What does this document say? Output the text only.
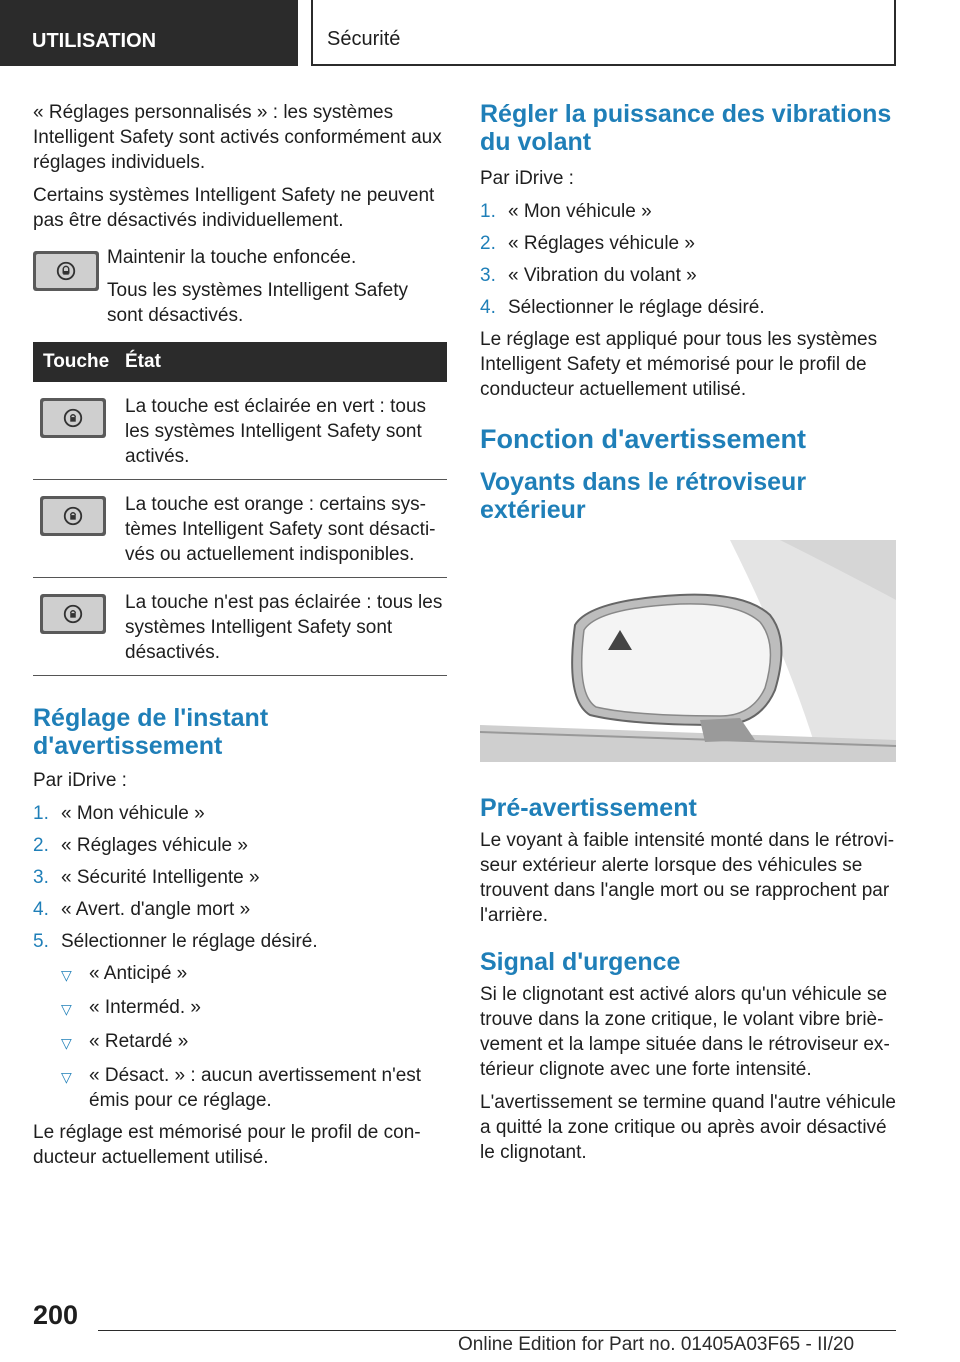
UTILISATION	Sécurité

« Réglages personnalisés » : les systèmes Intelligent Safety sont activés conformément aux réglages individuels.

Certains systèmes Intelligent Safety ne peuvent pas être désactivés individuellement.

Maintenir la touche enfoncée.

Tous les systèmes Intelligent Safety sont désactivés.

Touche	État

	La touche est éclairée en vert : tous les systèmes Intelligent Safety sont activés.

	La touche est orange : certains systèmes Intelligent Safety sont désactivés ou actuellement indisponibles.

	La touche n'est pas éclairée : tous les systèmes Intelligent Safety sont désactivés.
Réglage de l'instant d'avertissement

Par iDrive :

1. « Mon véhicule »
2. « Réglages véhicule »
3. « Sécurité Intelligente »
4. « Avert. d'angle mort »
5. Sélectionner le réglage désiré.
▽ « Anticipé »
▽ « Interméd. »
▽ « Retardé »
▽ « Désact. » : aucun avertissement n'est émis pour ce réglage.

Le réglage est mémorisé pour le profil de conducteur actuellement utilisé.

Régler la puissance des vibrations du volant

Par iDrive :

1. « Mon véhicule »
2. « Réglages véhicule »
3. « Vibration du volant »
4. Sélectionner le réglage désiré.

Le réglage est appliqué pour tous les systèmes Intelligent Safety et mémorisé pour le profil de conducteur actuellement utilisé.

Fonction d'avertissement
Voyants dans le rétroviseur extérieur
Pré-avertissement

Le voyant à faible intensité monté dans le rétroviseur extérieur alerte lorsque des véhicules se trouvent dans l'angle mort ou se rapprochent par l'arrière.

Signal d'urgence

Si le clignotant est activé alors qu'un véhicule se trouve dans la zone critique, le volant vibre brièvement et la lampe située dans le rétroviseur extérieur clignote avec une forte intensité.

L'avertissement se termine quand l'autre véhicule a quitté la zone critique ou après avoir désactivé le clignotant.

200
Online Edition for Part no. 01405A03F65 - II/20
